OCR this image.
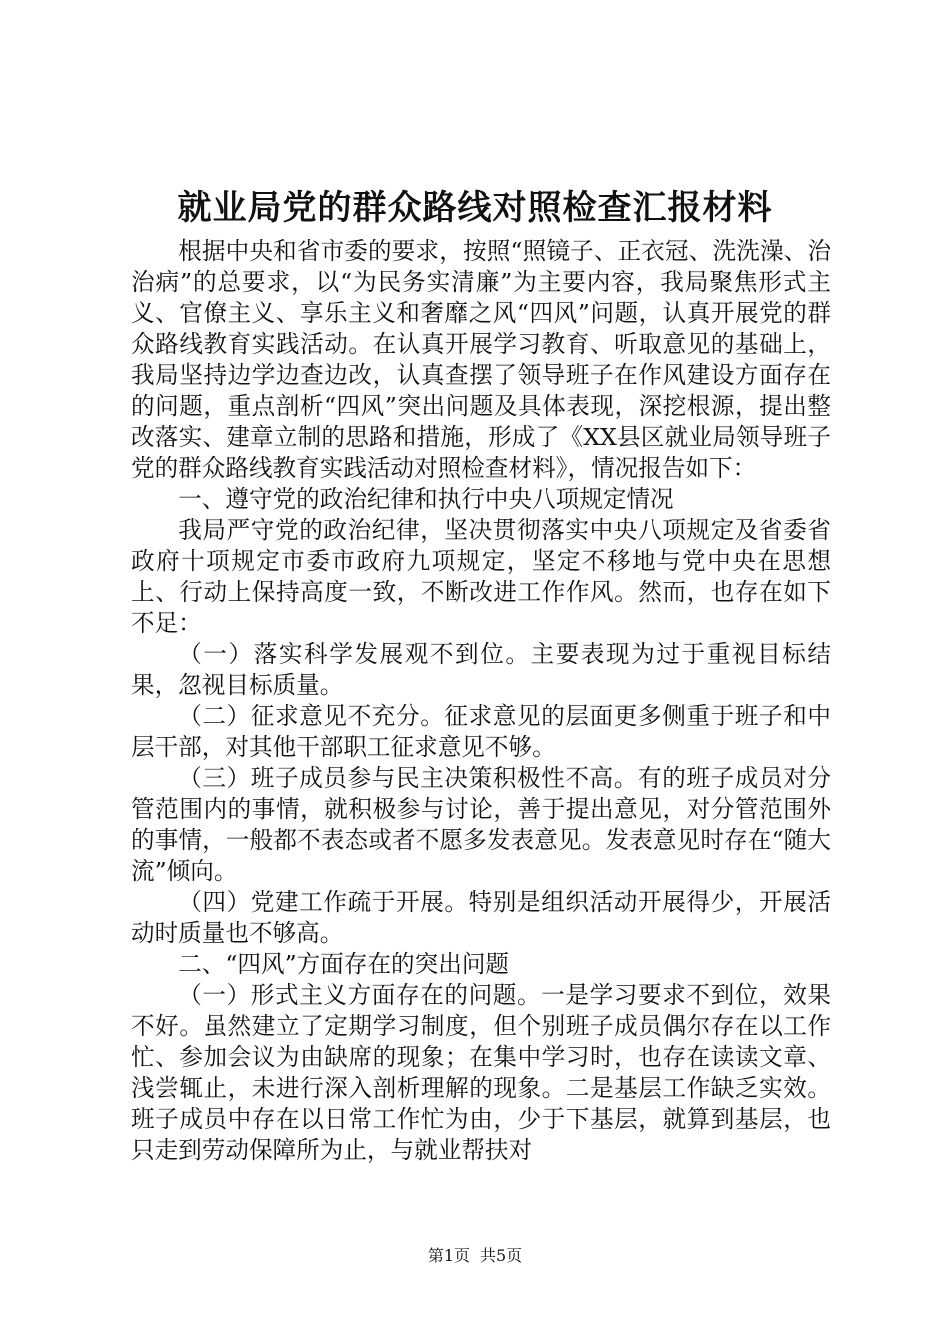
就业局党的群众路线对照检查汇报材料

根据中央和省市委的要求，按照“照镜子、正衣冠、洗洗澡、治治病”的总要求，以“为民务实清廉”为主要内容，我局聚焦形式主义、官僚主义、享乐主义和奢靡之风“四风”问题，认真开展党的群众路线教育实践活动。在认真开展学习教育、听取意见的基础上，我局坚持边学边查边改，认真查摆了领导班子在作风建设方面存在的问题，重点剖析“四风”突出问题及具体表现，深挖根源，提出整改落实、建章立制的思路和措施，形成了《XX县区就业局领导班子党的群众路线教育实践活动对照检查材料》，情况报告如下：

一、遵守党的政治纪律和执行中央八项规定情况

我局严守党的政治纪律，坚决贯彻落实中央八项规定及省委省政府十项规定市委市政府九项规定，坚定不移地与党中央在思想上、行动上保持高度一致，不断改进工作作风。然而，也存在如下不足：

（一）落实科学发展观不到位。主要表现为过于重视目标结果，忽视目标质量。

（二）征求意见不充分。征求意见的层面更多侧重于班子和中层干部，对其他干部职工征求意见不够。

（三）班子成员参与民主决策积极性不高。有的班子成员对分管范围内的事情，就积极参与讨论，善于提出意见，对分管范围外的事情，一般都不表态或者不愿多发表意见。发表意见时存在“随大流”倾向。

（四）党建工作疏于开展。特别是组织活动开展得少，开展活动时质量也不够高。

二、“四风”方面存在的突出问题

（一）形式主义方面存在的问题。一是学习要求不到位，效果不好。虽然建立了定期学习制度，但个别班子成员偶尔存在以工作忙、参加会议为由缺席的现象；在集中学习时，也存在读读文章、浅尝辄止，未进行深入剖析理解的现象。二是基层工作缺乏实效。班子成员中存在以日常工作忙为由，少于下基层，就算到基层，也只走到劳动保障所为止，与就业帮扶对

第1页 共5页
